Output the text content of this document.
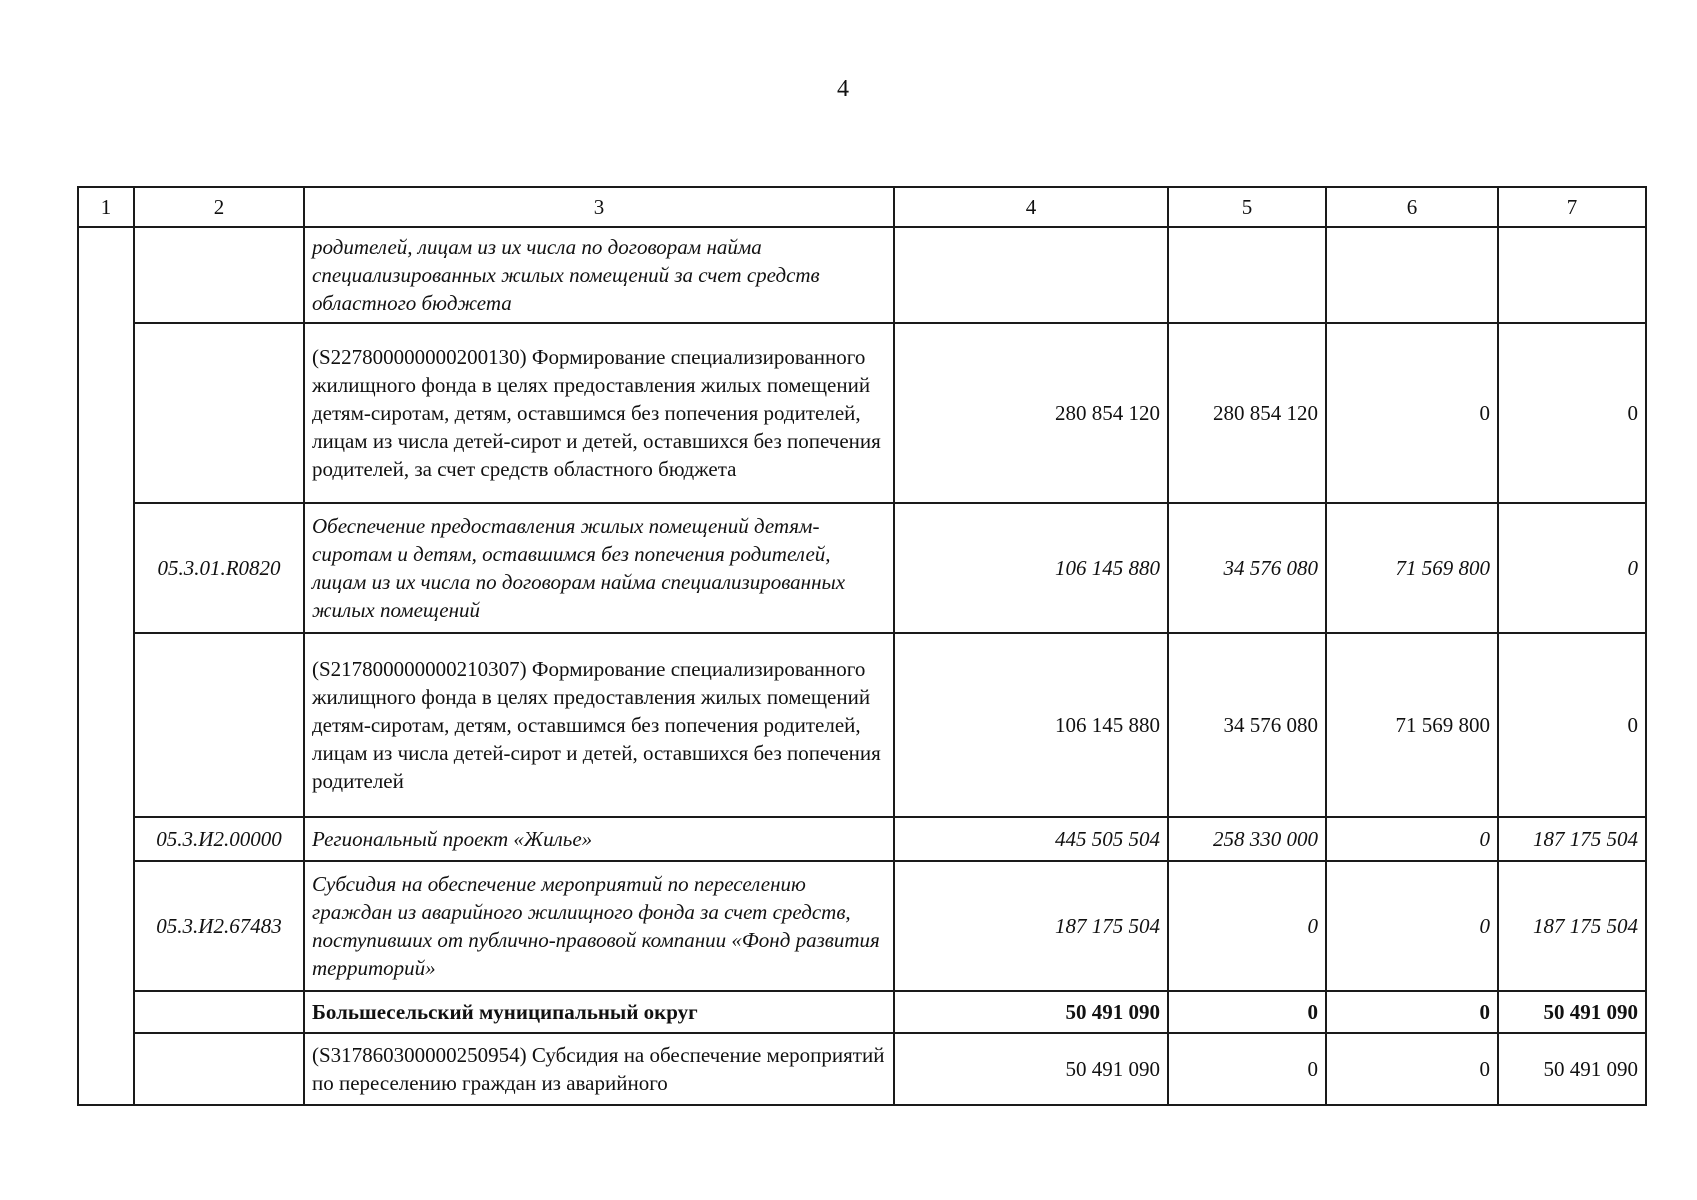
4
1	2	3	4	5	6	7
		родителей, лицам из их числа по договорам найма специализированных жилых помещений за счет средств областного бюджета				
		(S227800000000200130) Формирование специализированного жилищного фонда в целях предоставления жилых помещений детям-сиротам, детям, оставшимся без попечения родителей, лицам из числа детей-сирот и детей, оставшихся без попечения родителей, за счет средств областного бюджета	280 854 120	280 854 120	0	0
	05.3.01.R0820	Обеспечение предоставления жилых помещений детям-сиротам и детям, оставшимся без попечения родителей, лицам из их числа по договорам найма специализированных жилых помещений	106 145 880	34 576 080	71 569 800	0
		(S217800000000210307) Формирование специализированного жилищного фонда в целях предоставления жилых помещений детям-сиротам, детям, оставшимся без попечения родителей, лицам из числа детей-сирот и детей, оставшихся без попечения родителей	106 145 880	34 576 080	71 569 800	0
	05.3.И2.00000	Региональный проект «Жилье»	445 505 504	258 330 000	0	187 175 504
	05.3.И2.67483	Субсидия на обеспечение мероприятий по переселению граждан из аварийного жилищного фонда за счет средств, поступивших от публично-правовой компании «Фонд развития территорий»	187 175 504	0	0	187 175 504
		Большесельский муниципальный округ	50 491 090	0	0	50 491 090
		(S317860300000250954) Субсидия на обеспечение мероприятий по переселению граждан из аварийного	50 491 090	0	0	50 491 090
